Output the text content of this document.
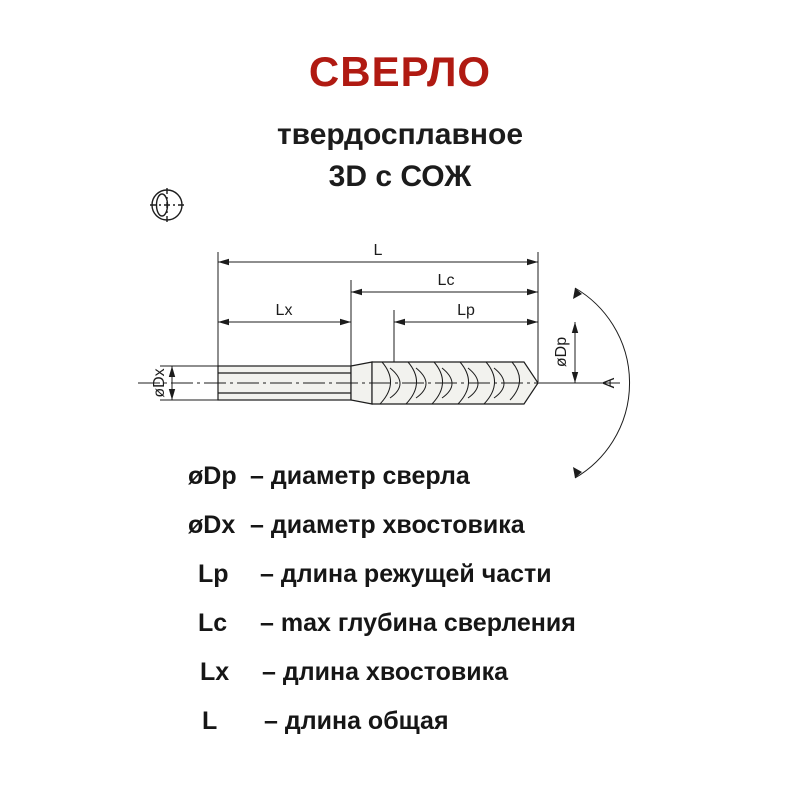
СВЕРЛО
твердосплавное
3D с СОЖ
L
Lc
Lx	Lp
øDx	A
øDp
øDp – диаметр сверла
øDx – диаметр хвостовика
Lp – длина режущей части
Lc – max глубина сверления
Lx – длина хвостовика
L – длина общая
